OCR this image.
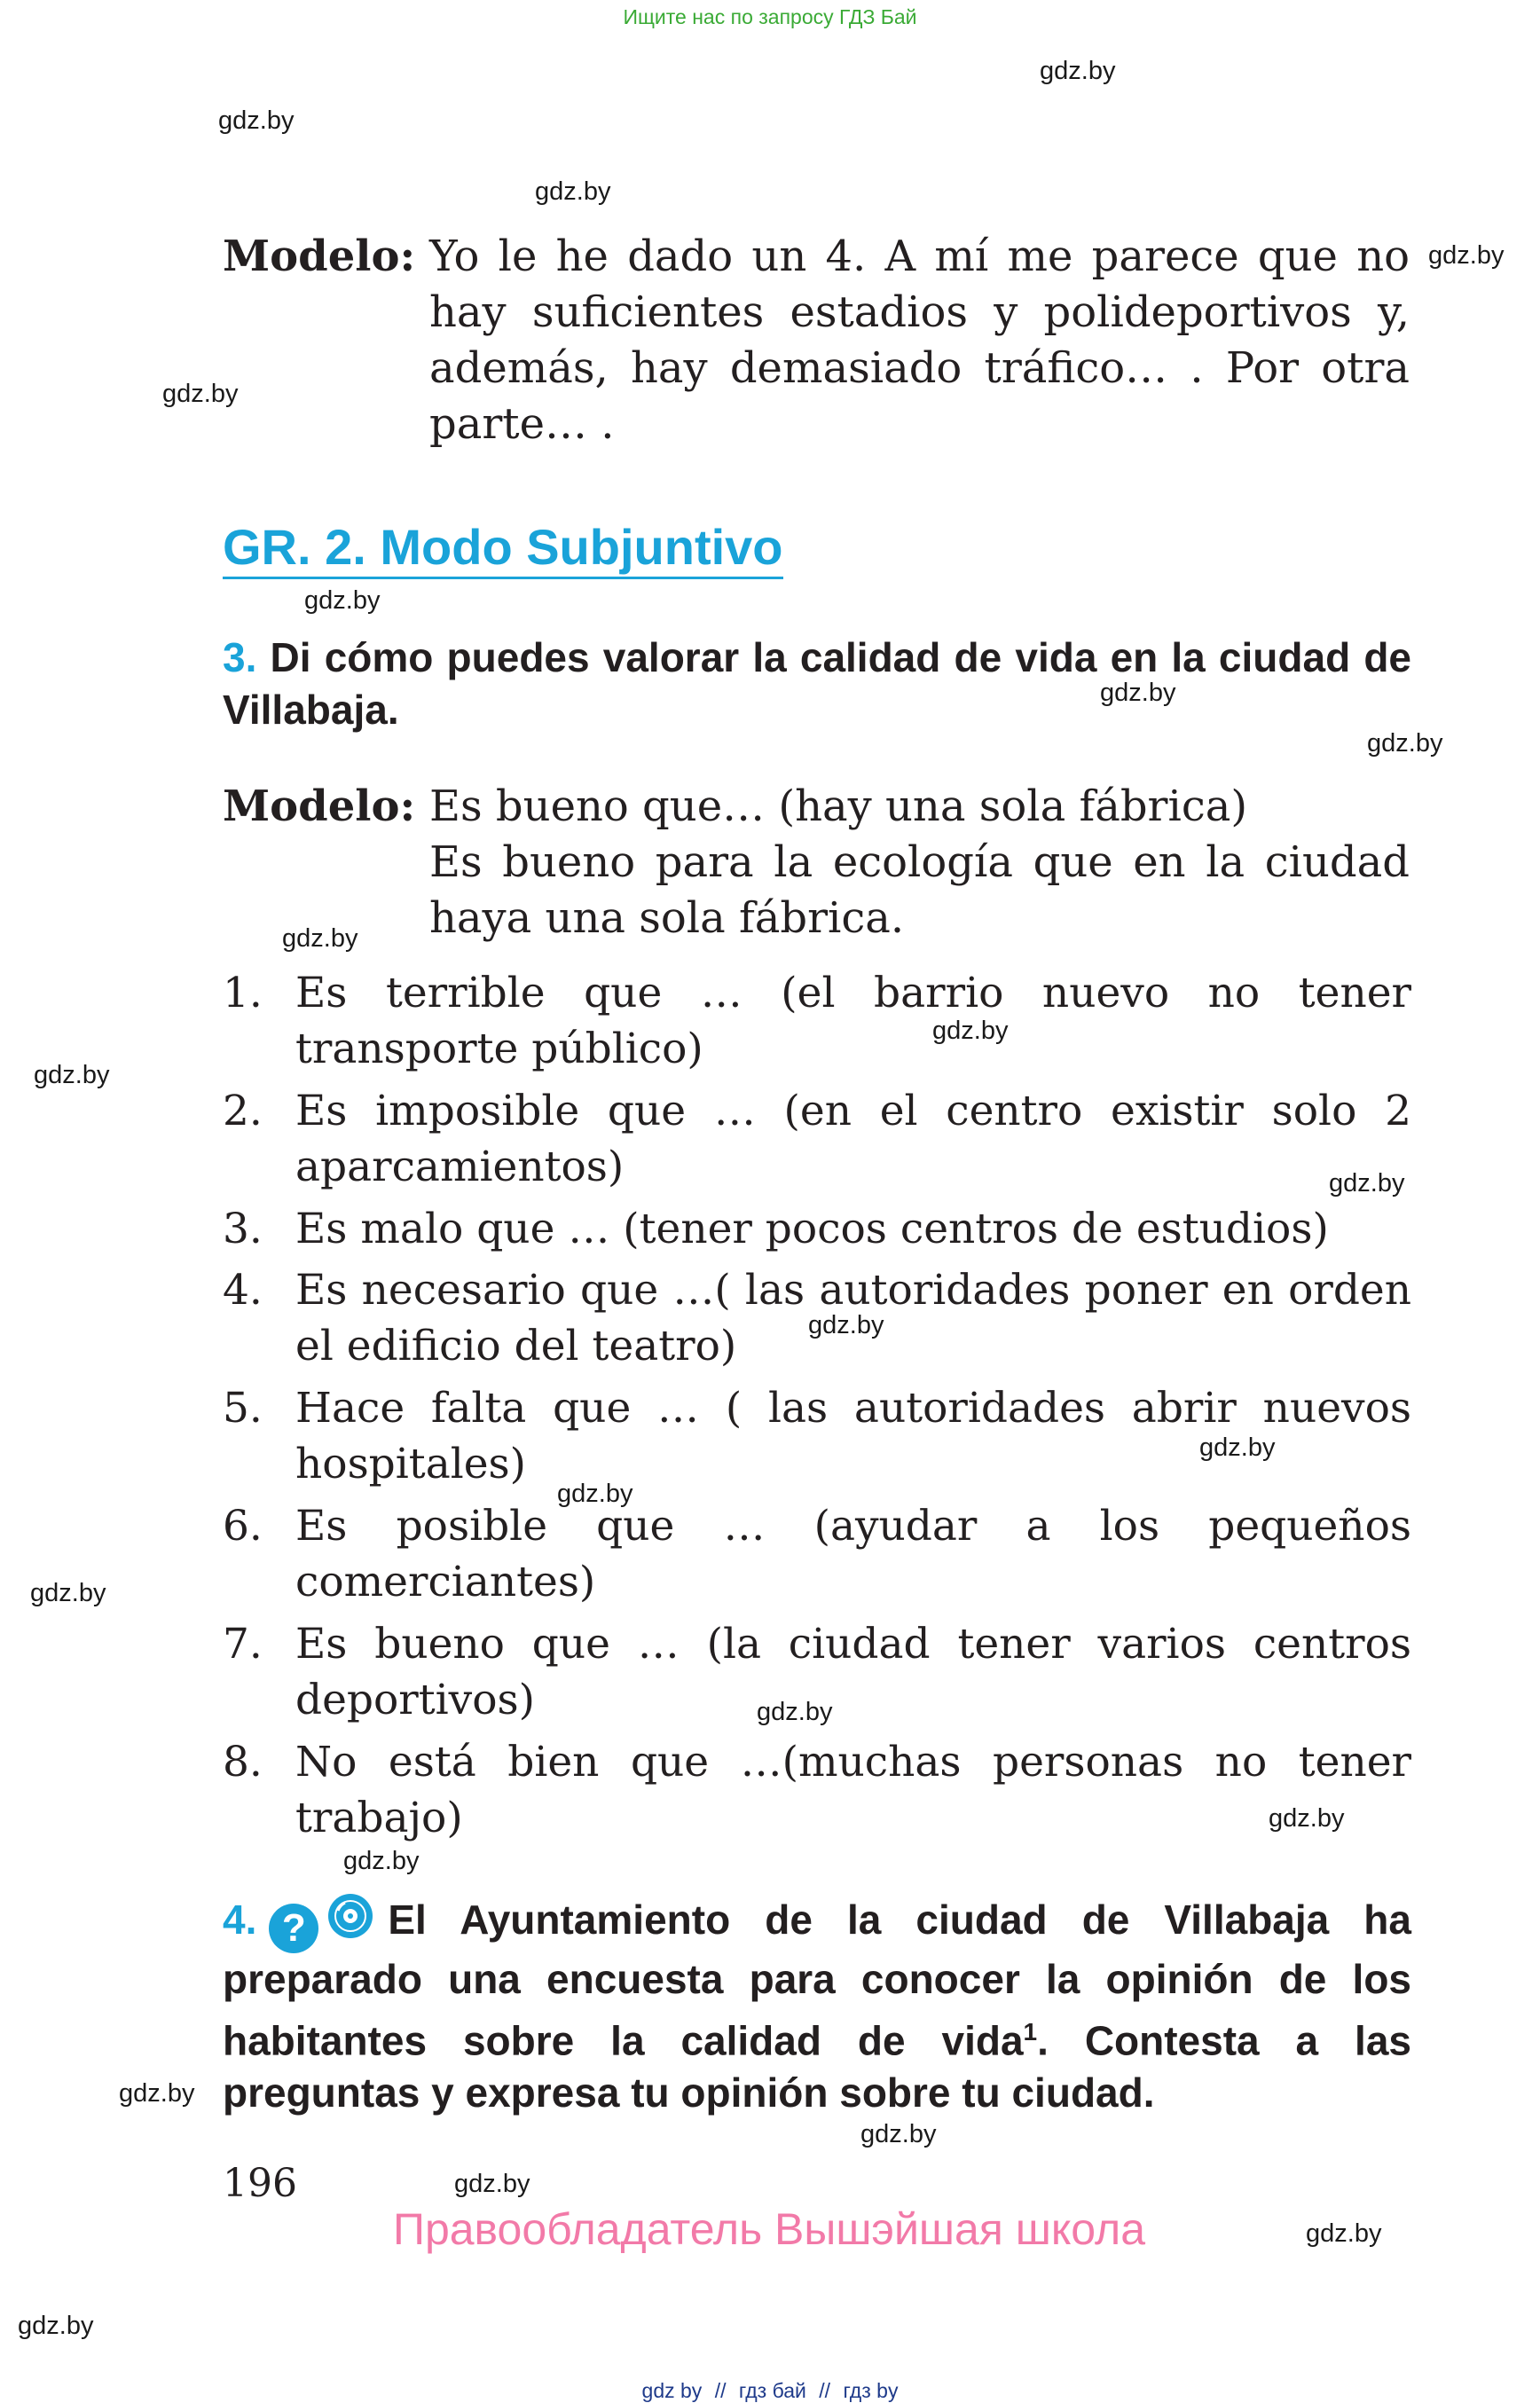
Ищите нас по запросу ГДЗ Бай
gdz.by
gdz.by
gdz.by
gdz.by
gdz.by
gdz.by
gdz.by
gdz.by
gdz.by
gdz.by
gdz.by
gdz.by
gdz.by
gdz.by
gdz.by
gdz.by
gdz.by
gdz.by
gdz.by
gdz.by
gdz.by
gdz.by
gdz.by
gdz.by
Modelo: Yo le he dado un 4. A mí me parece que no hay suficientes estadios y polideportivos y, además, hay demasiado tráfico… . Por otra parte… .
GR. 2. Modo Subjuntivo
3. Di cómo puedes valorar la calidad de vida en la ciudad de Villabaja.
Modelo: Es bueno que… (hay una sola fábrica)
Es bueno para la ecología que en la ciudad haya una sola fábrica.
1. Es terrible que … (el barrio nuevo no tener transporte público)
2. Es imposible que … (en el centro existir solo 2 aparcamientos)
3. Es malo que … (tener pocos centros de estudios)
4. Es necesario que …( las autoridades poner en orden el edificio del teatro)
5. Hace falta que … ( las autoridades abrir nuevos hospitales)
6. Es posible que … (ayudar a los pequeños comerciantes)
7. Es bueno que … (la ciudad tener varios centros deportivos)
8. No está bien que …(muchas personas no tener trabajo)
4. ? El Ayuntamiento de la ciudad de Villabaja ha preparado una encuesta para conocer la opinión de los habitantes sobre la calidad de vida$^1$. Contesta a las preguntas y expresa tu opinión sobre tu ciudad.
196
Правообладатель Вышэйшая школа
gdz by // гдз бай // гдз by
